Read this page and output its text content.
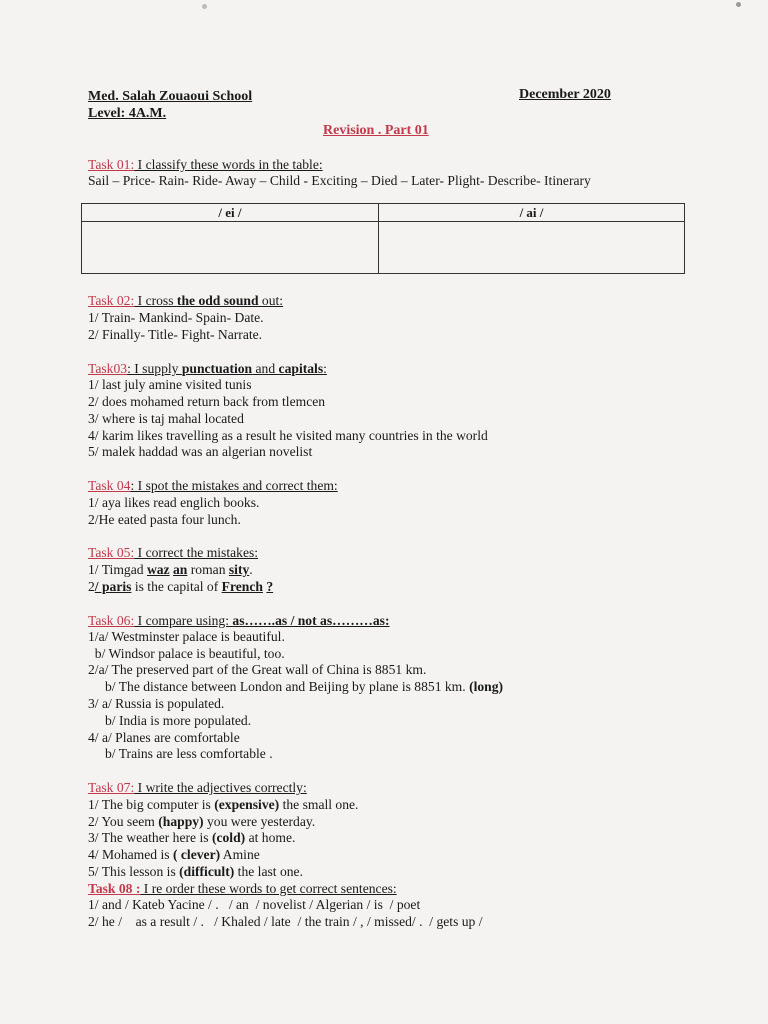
Med. Salah Zouaoui School
Level: 4A.M.
December 2020
Revision . Part 01
Task 01: I classify these words in the table:
Sail – Price- Rain- Ride- Away – Child - Exciting – Died – Later- Plight- Describe- Itinerary
/ ei /	/ ai /

Task 02: I cross the odd sound out:
1/ Train- Mankind- Spain- Date.
2/ Finally- Title- Fight- Narrate.
Task03: I supply punctuation and capitals:
1/ last july amine visited tunis
2/ does mohamed return back from tlemcen
3/ where is taj mahal located
4/ karim likes travelling as a result he visited many countries in the world
5/ malek haddad was an algerian novelist
Task 04: I spot the mistakes and correct them:
1/ aya likes read englich books.
2/He eated pasta four lunch.
Task 05: I correct the mistakes:
1/ Timgad waz an roman sity.
2/ paris is the capital of French ?
Task 06: I compare using: as…….as / not as………as:
1/a/ Westminster palace is beautiful.
b/ Windsor palace is beautiful, too.
2/a/ The preserved part of the Great wall of China is 8851 km.
b/ The distance between London and Beijing by plane is 8851 km. (long)
3/ a/ Russia is populated.
b/ India is more populated.
4/ a/ Planes are comfortable
b/ Trains are less comfortable .
Task 07: I write the adjectives correctly:
1/ The big computer is (expensive) the small one.
2/ You seem (happy) you were yesterday.
3/ The weather here is (cold) at home.
4/ Mohamed is ( clever) Amine
5/ This lesson is (difficult) the last one.
Task 08 : I re order these words to get correct sentences:
1/ and / Kateb Yacine / .   / an  / novelist / Algerian / is  / poet
2/ he /    as a result / .   / Khaled / late  / the train / , / missed/ .  / gets up /
